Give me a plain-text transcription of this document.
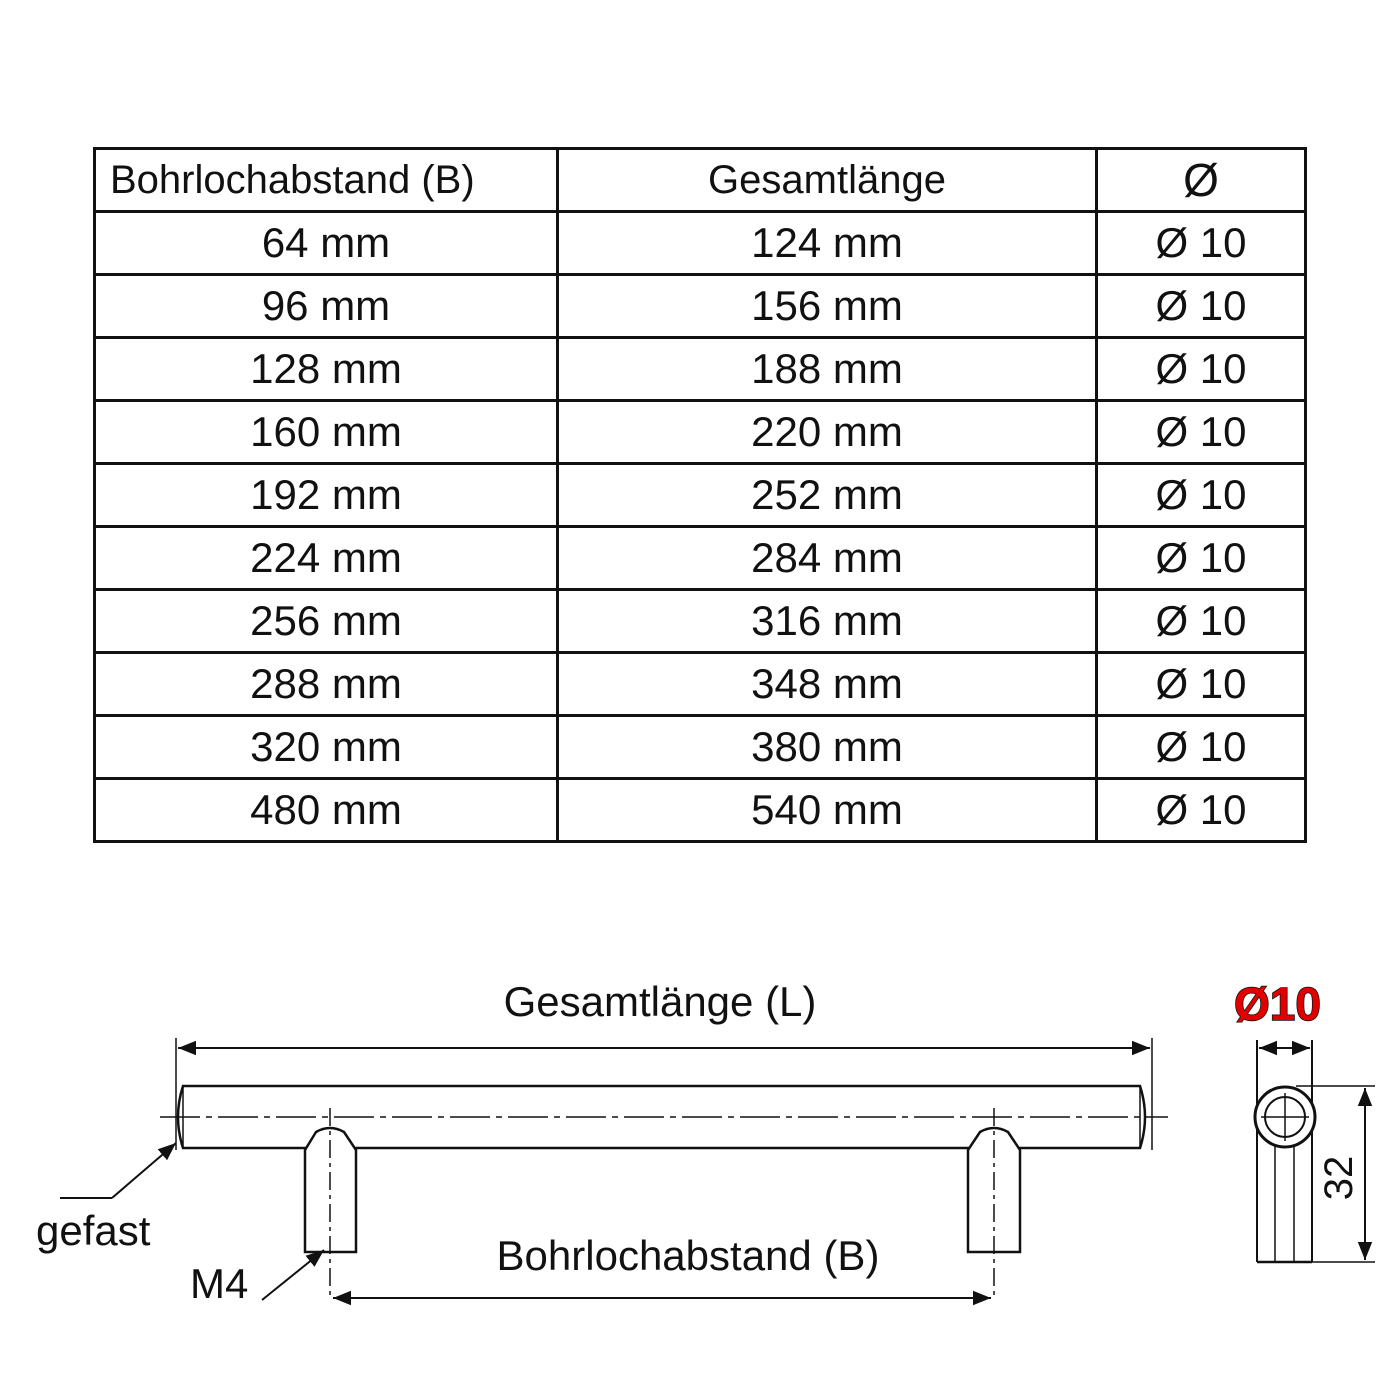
Bohrlochabstand (B)	Gesamtlänge	Ø
64 mm	124 mm	Ø 10
96 mm	156 mm	Ø 10
128 mm	188 mm	Ø 10
160 mm	220 mm	Ø 10
192 mm	252 mm	Ø 10
224 mm	284 mm	Ø 10
256 mm	316 mm	Ø 10
288 mm	348 mm	Ø 10
320 mm	380 mm	Ø 10
480 mm	540 mm	Ø 10
Gesamtlänge (L)
Bohrlochabstand (B)
gefast
M4
Ø10
32
